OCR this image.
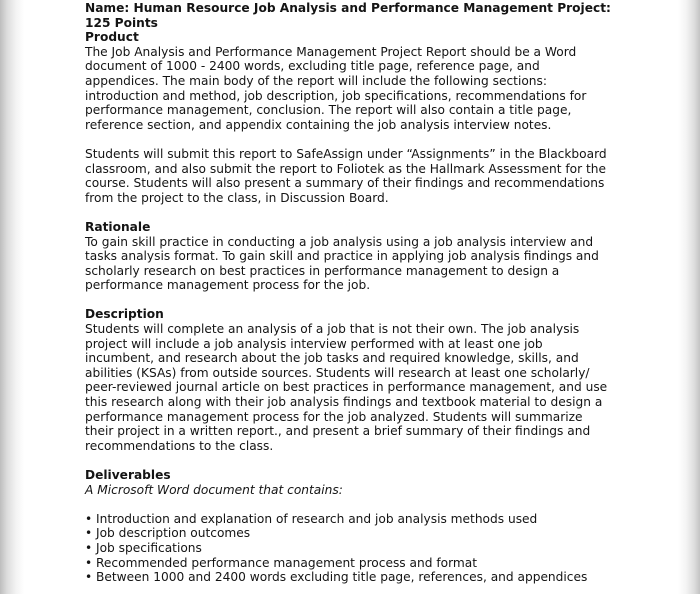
Name: Human Resource Job Analysis and Performance Management Project:

125 Points

Product

The Job Analysis and Performance Management Project Report should be a Word

document of 1000 - 2400 words, excluding title page, reference page, and

appendices. The main body of the report will include the following sections:

introduction and method, job description, job specifications, recommendations for

performance management, conclusion. The report will also contain a title page,

reference section, and appendix containing the job analysis interview notes.

Students will submit this report to SafeAssign under “Assignments” in the Blackboard

classroom, and also submit the report to Foliotek as the Hallmark Assessment for the

course. Students will also present a summary of their findings and recommendations

from the project to the class, in Discussion Board.

Rationale

To gain skill practice in conducting a job analysis using a job analysis interview and

tasks analysis format. To gain skill and practice in applying job analysis findings and

scholarly research on best practices in performance management to design a

performance management process for the job.

Description

Students will complete an analysis of a job that is not their own. The job analysis

project will include a job analysis interview performed with at least one job

incumbent, and research about the job tasks and required knowledge, skills, and

abilities (KSAs) from outside sources. Students will research at least one scholarly/

peer-reviewed journal article on best practices in performance management, and use

this research along with their job analysis findings and textbook material to design a

performance management process for the job analyzed. Students will summarize

their project in a written report., and present a brief summary of their findings and

recommendations to the class.

Deliverables

A Microsoft Word document that contains:

• Introduction and explanation of research and job analysis methods used
• Job description outcomes
• Job specifications
• Recommended performance management process and format
• Between 1000 and 2400 words excluding title page, references, and appendices
